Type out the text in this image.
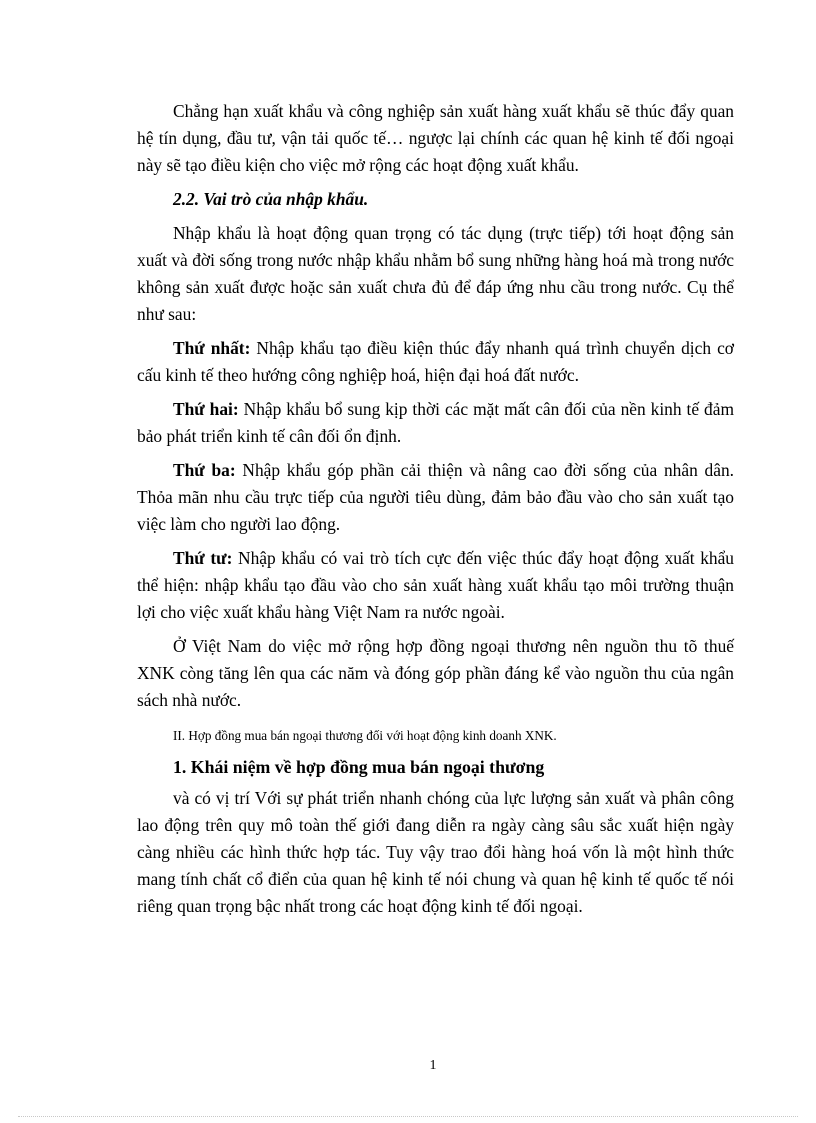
Chẳng hạn xuất khẩu và công nghiệp sản xuất hàng xuất khẩu sẽ thúc đẩy quan hệ tín dụng, đầu tư, vận tải quốc tế… ngược lại chính các quan hệ kinh tế đối ngoại này sẽ tạo điều kiện cho việc mở rộng các hoạt động xuất khẩu.

2.2. Vai trò của nhập khẩu.

Nhập khẩu là hoạt động quan trọng có tác dụng (trực tiếp) tới hoạt động sản xuất và đời sống trong nước nhập khẩu nhằm bổ sung những hàng hoá mà trong nước không sản xuất được hoặc sản xuất chưa đủ để đáp ứng nhu cầu trong nước. Cụ thể như sau:

Thứ nhất: Nhập khẩu tạo điều kiện thúc đẩy nhanh quá trình chuyển dịch cơ cấu kinh tế theo hướng công nghiệp hoá, hiện đại hoá đất nước.

Thứ hai: Nhập khẩu bổ sung kịp thời các mặt mất cân đối của nền kinh tế đảm bảo phát triển kinh tế cân đối ổn định.

Thứ ba: Nhập khẩu góp phần cải thiện và nâng cao đời sống của nhân dân. Thỏa mãn nhu cầu trực tiếp của người tiêu dùng, đảm bảo đầu vào cho sản xuất tạo việc làm cho người lao động.

Thứ tư: Nhập khẩu có vai trò tích cực đến việc thúc đẩy hoạt động xuất khẩu thể hiện: nhập khẩu tạo đầu vào cho sản xuất hàng xuất khẩu tạo môi trường thuận lợi cho việc xuất khẩu hàng Việt Nam ra nước ngoài.

Ở Việt Nam do việc mở rộng hợp đồng ngoại thương nên nguồn thu tõ thuế XNK còng tăng lên qua các năm và đóng góp phần đáng kể vào nguồn thu của ngân sách nhà nước.

II. Hợp đồng mua bán ngoại thương đối với hoạt động kinh doanh XNK.

1. Khái niệm về hợp đồng mua bán ngoại thương

và có vị trí Với sự phát triển nhanh chóng của lực lượng sản xuất và phân công lao động trên quy mô toàn thế giới đang diễn ra ngày càng sâu sắc xuất hiện ngày càng nhiều các hình thức hợp tác. Tuy vậy trao đổi hàng hoá vốn là một hình thức mang tính chất cổ điển của quan hệ kinh tế nói chung và quan hệ kinh tế quốc tế nói riêng quan trọng bậc nhất trong các hoạt động kinh tế đối ngoại.

1
